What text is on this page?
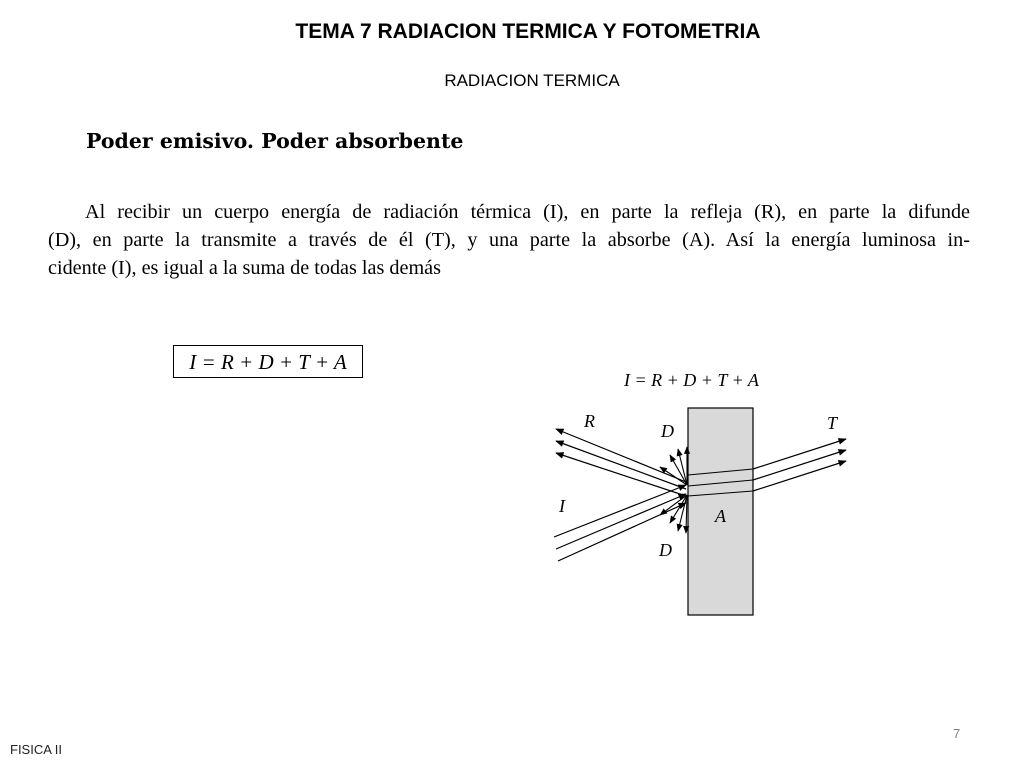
TEMA 7 RADIACION TERMICA Y FOTOMETRIA
RADIACION TERMICA
Poder emisivo. Poder absorbente
Al recibir un cuerpo energía de radiación térmica (I), en parte la refleja (R), en parte la difunde
(D), en parte la transmite a través de él (T), y una parte la absorbe (A). Así la energía luminosa in-
cidente (I), es igual a la suma de todas las demás
I = R + D + T + A
I = R + D + T + A
R	D	T
I	A
D
7
FISICA II
